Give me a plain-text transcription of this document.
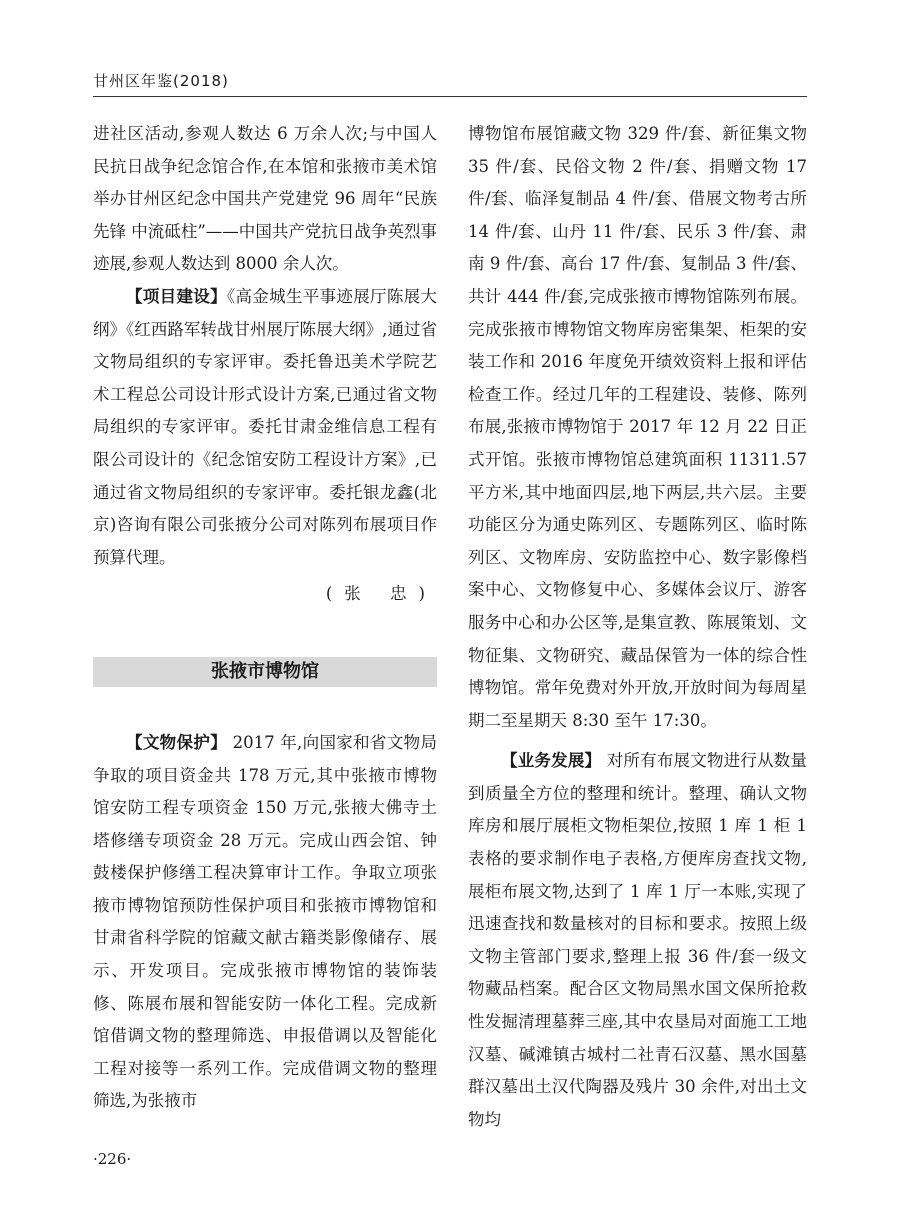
甘州区年鉴(2018)

进社区活动,参观人数达 6 万余人次;与中国人民抗日战争纪念馆合作,在本馆和张掖市美术馆举办甘州区纪念中国共产党建党 96 周年“民族先锋 中流砥柱”——中国共产党抗日战争英烈事迹展,参观人数达到 8000 余人次。

【项目建设】《高金城生平事迹展厅陈展大纲》《红西路军转战甘州展厅陈展大纲》,通过省文物局组织的专家评审。委托鲁迅美术学院艺术工程总公司设计形式设计方案,已通过省文物局组织的专家评审。委托甘肃金维信息工程有限公司设计的《纪念馆安防工程设计方案》,已通过省文物局组织的专家评审。委托银龙鑫(北京)咨询有限公司张掖分公司对陈列布展项目作预算代理。

(张 忠)

张掖市博物馆

【文物保护】 2017 年,向国家和省文物局争取的项目资金共 178 万元,其中张掖市博物馆安防工程专项资金 150 万元,张掖大佛寺土塔修缮专项资金 28 万元。完成山西会馆、钟鼓楼保护修缮工程决算审计工作。争取立项张掖市博物馆预防性保护项目和张掖市博物馆和甘肃省科学院的馆藏文献古籍类影像储存、展示、开发项目。完成张掖市博物馆的装饰装修、陈展布展和智能安防一体化工程。完成新馆借调文物的整理筛选、申报借调以及智能化工程对接等一系列工作。完成借调文物的整理筛选,为张掖市

博物馆布展馆藏文物 329 件/套、新征集文物 35 件/套、民俗文物 2 件/套、捐赠文物 17 件/套、临泽复制品 4 件/套、借展文物考古所 14 件/套、山丹 11 件/套、民乐 3 件/套、肃南 9 件/套、高台 17 件/套、复制品 3 件/套、共计 444 件/套,完成张掖市博物馆陈列布展。完成张掖市博物馆文物库房密集架、柜架的安装工作和 2016 年度免开绩效资料上报和评估检查工作。经过几年的工程建设、装修、陈列布展,张掖市博物馆于 2017 年 12 月 22 日正式开馆。张掖市博物馆总建筑面积 11311.57 平方米,其中地面四层,地下两层,共六层。主要功能区分为通史陈列区、专题陈列区、临时陈列区、文物库房、安防监控中心、数字影像档案中心、文物修复中心、多媒体会议厅、游客服务中心和办公区等,是集宣教、陈展策划、文物征集、文物研究、藏品保管为一体的综合性博物馆。常年免费对外开放,开放时间为每周星期二至星期天 8:30 至午 17:30。

【业务发展】 对所有布展文物进行从数量到质量全方位的整理和统计。整理、确认文物库房和展厅展柜文物柜架位,按照 1 库 1 柜 1 表格的要求制作电子表格,方便库房查找文物,展柜布展文物,达到了 1 库 1 厅一本账,实现了迅速查找和数量核对的目标和要求。按照上级文物主管部门要求,整理上报 36 件/套一级文物藏品档案。配合区文物局黑水国文保所抢救性发掘清理墓葬三座,其中农垦局对面施工工地汉墓、碱滩镇古城村二社青石汉墓、黑水国墓群汉墓出土汉代陶器及残片 30 余件,对出土文物均

·226·
